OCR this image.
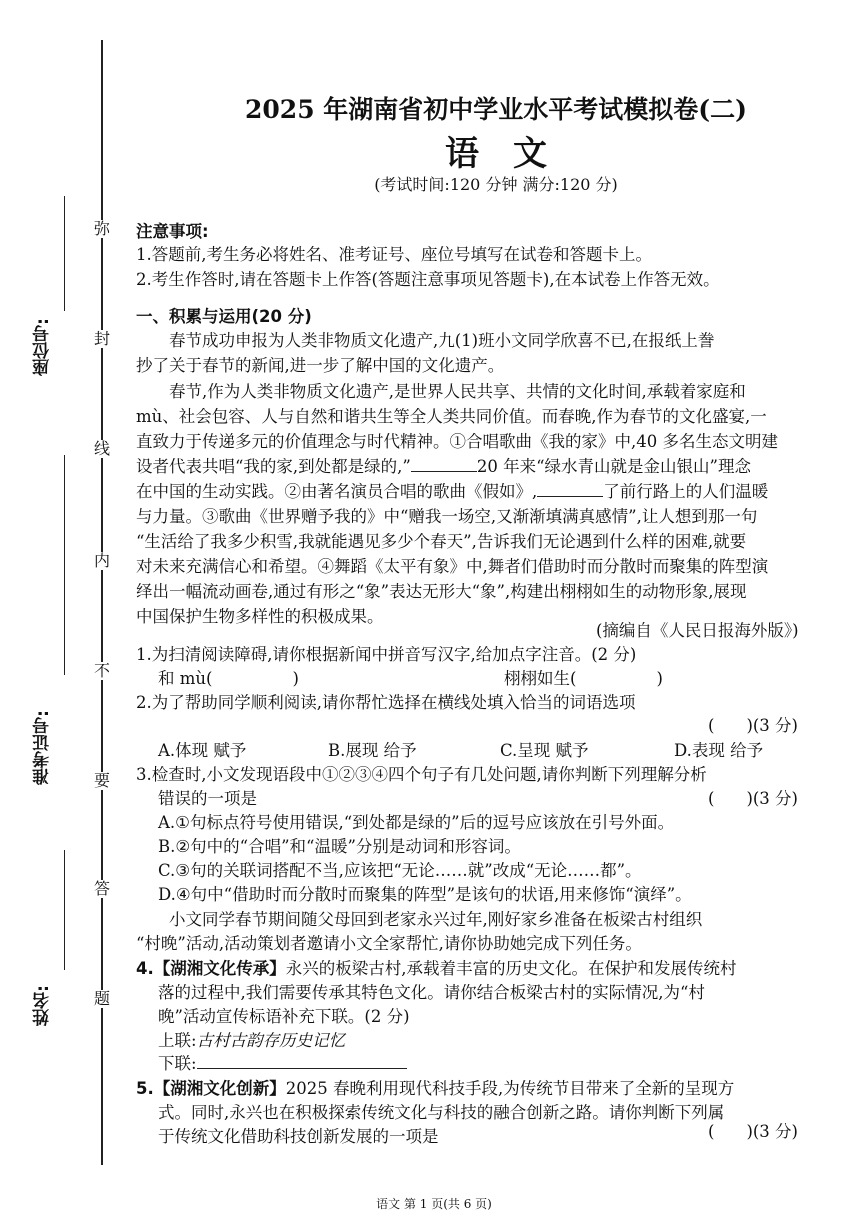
弥
封
线
内
不
要
答
题
座位号:
准考证号:
姓名:
2025 年湖南省初中学业水平考试模拟卷(二)
语文
(考试时间:120 分钟 满分:120 分)
注意事项:
1.答题前,考生务必将姓名、准考证号、座位号填写在试卷和答题卡上。
2.考生作答时,请在答题卡上作答(答题注意事项见答题卡),在本试卷上作答无效。
一、积累与运用(20 分)
春节成功申报为人类非物质文化遗产,九(1)班小文同学欣喜不已,在报纸上誊
抄了关于春节的新闻,进一步了解中国的文化遗产。
春节,作为人类非物质文化遗产,是世界人民共享、共情的文化时间,承载着家庭和
mù、社会包容、人与自然和谐共生等全人类共同价值。而春晚,作为春节的文化盛宴,一
直致力于传递多元的价值理念与时代精神。①合唱歌曲《我的家》中,40 多名生态文明建
设者代表共唱“我的家,到处都是绿的,”	20 年来“绿水青山就是金山银山”理念
在中国的生动实践。②由著名演员合唱的歌曲《假如》,	了前行路上的人们温暖
与力量。③歌曲《世界赠予我的》中“赠我一场空,又渐渐填满真感情”,让人想到那一句
“生活给了我多少积雪,我就能遇见多少个春天”,告诉我们无论遇到什么样的困难,就要
对未来充满信心和希望。④舞蹈《太平有象》中,舞者们借助时而分散时而聚集的阵型演
绎出一幅流动画卷,通过有形之“象”表达无形大“象”,构建出栩栩如生的动物形象,展现
中国保护生物多样性的积极成果。
(摘编自《人民日报海外版》)
1.为扫清阅读障碍,请你根据新闻中拼音写汉字,给加点字注音。(2 分)
和 mù(	)	栩栩如生(	)
2.为了帮助同学顺利阅读,请你帮忙选择在横线处填入恰当的词语选项
( )(3 分)
A.体现 赋予	B.展现 给予	C.呈现 赋予	D.表现 给予
3.检查时,小文发现语段中①②③④四个句子有几处问题,请你判断下列理解分析
错误的一项是	( )(3 分)
A.①句标点符号使用错误,“到处都是绿的”后的逗号应该放在引号外面。
B.②句中的“合唱”和“温暖”分别是动词和形容词。
C.③句的关联词搭配不当,应该把“无论……就”改成“无论……都”。
D.④句中“借助时而分散时而聚集的阵型”是该句的状语,用来修饰“演绎”。
小文同学春节期间随父母回到老家永兴过年,刚好家乡准备在板梁古村组织
“村晚”活动,活动策划者邀请小文全家帮忙,请你协助她完成下列任务。
4.【湖湘文化传承】永兴的板梁古村,承载着丰富的历史文化。在保护和发展传统村
落的过程中,我们需要传承其特色文化。请你结合板梁古村的实际情况,为“村
晚”活动宣传标语补充下联。(2 分)
上联:古村古韵存历史记忆
下联:
5.【湖湘文化创新】2025 春晚利用现代科技手段,为传统节目带来了全新的呈现方
式。同时,永兴也在积极探索传统文化与科技的融合创新之路。请你判断下列属
于传统文化借助科技创新发展的一项是	( )(3 分)
语文 第 1 页(共 6 页)
